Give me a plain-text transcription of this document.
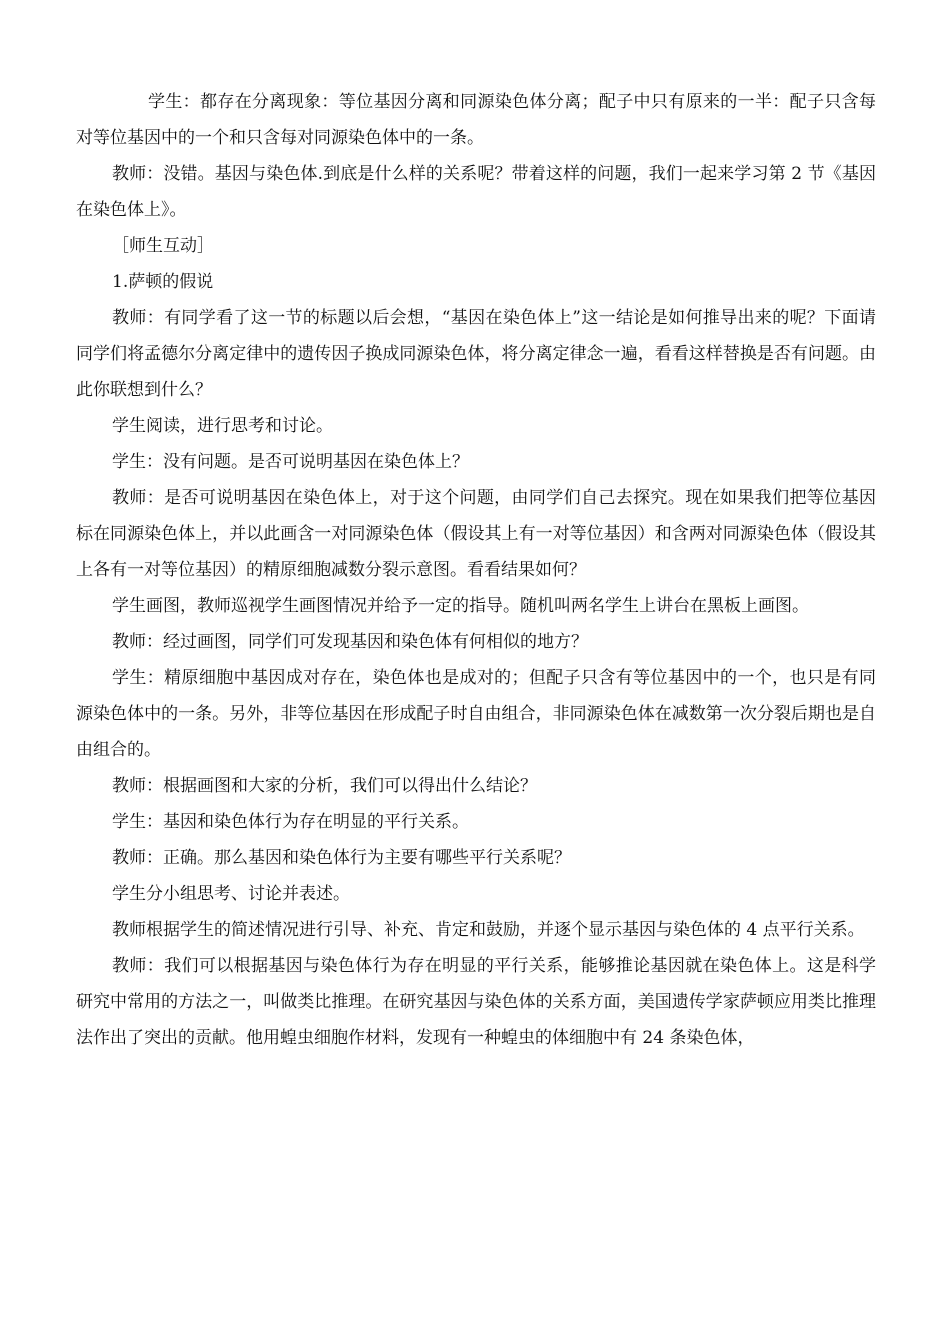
学生：都存在分离现象：等位基因分离和同源染色体分离；配子中只有原来的一半：配子只含每对等位基因中的一个和只含每对同源染色体中的一条。

教师：没错。基因与染色体.到底是什么样的关系呢？带着这样的问题，我们一起来学习第 2 节《基因在染色体上》。

［师生互动］

1.萨顿的假说

教师：有同学看了这一节的标题以后会想，“基因在染色体上”这一结论是如何推导出来的呢？下面请同学们将孟德尔分离定律中的遗传因子换成同源染色体，将分离定律念一遍，看看这样替换是否有问题。由此你联想到什么？

学生阅读，进行思考和讨论。

学生：没有问题。是否可说明基因在染色体上？

教师：是否可说明基因在染色体上，对于这个问题，由同学们自己去探究。现在如果我们把等位基因标在同源染色体上，并以此画含一对同源染色体（假设其上有一对等位基因）和含两对同源染色体（假设其上各有一对等位基因）的精原细胞减数分裂示意图。看看结果如何？

学生画图，教师巡视学生画图情况并给予一定的指导。随机叫两名学生上讲台在黑板上画图。

教师：经过画图，同学们可发现基因和染色体有何相似的地方？

学生：精原细胞中基因成对存在，染色体也是成对的；但配子只含有等位基因中的一个，也只是有同源染色体中的一条。另外，非等位基因在形成配子时自由组合，非同源染色体在减数第一次分裂后期也是自由组合的。

教师：根据画图和大家的分析，我们可以得出什么结论？

学生：基因和染色体行为存在明显的平行关系。

教师：正确。那么基因和染色体行为主要有哪些平行关系呢？

学生分小组思考、讨论并表述。

教师根据学生的简述情况进行引导、补充、肯定和鼓励，并逐个显示基因与染色体的 4 点平行关系。

教师：我们可以根据基因与染色体行为存在明显的平行关系，能够推论基因就在染色体上。这是科学研究中常用的方法之一，叫做类比推理。在研究基因与染色体的关系方面，美国遗传学家萨顿应用类比推理法作出了突出的贡献。他用蝗虫细胞作材料，发现有一种蝗虫的体细胞中有 24 条染色体，
